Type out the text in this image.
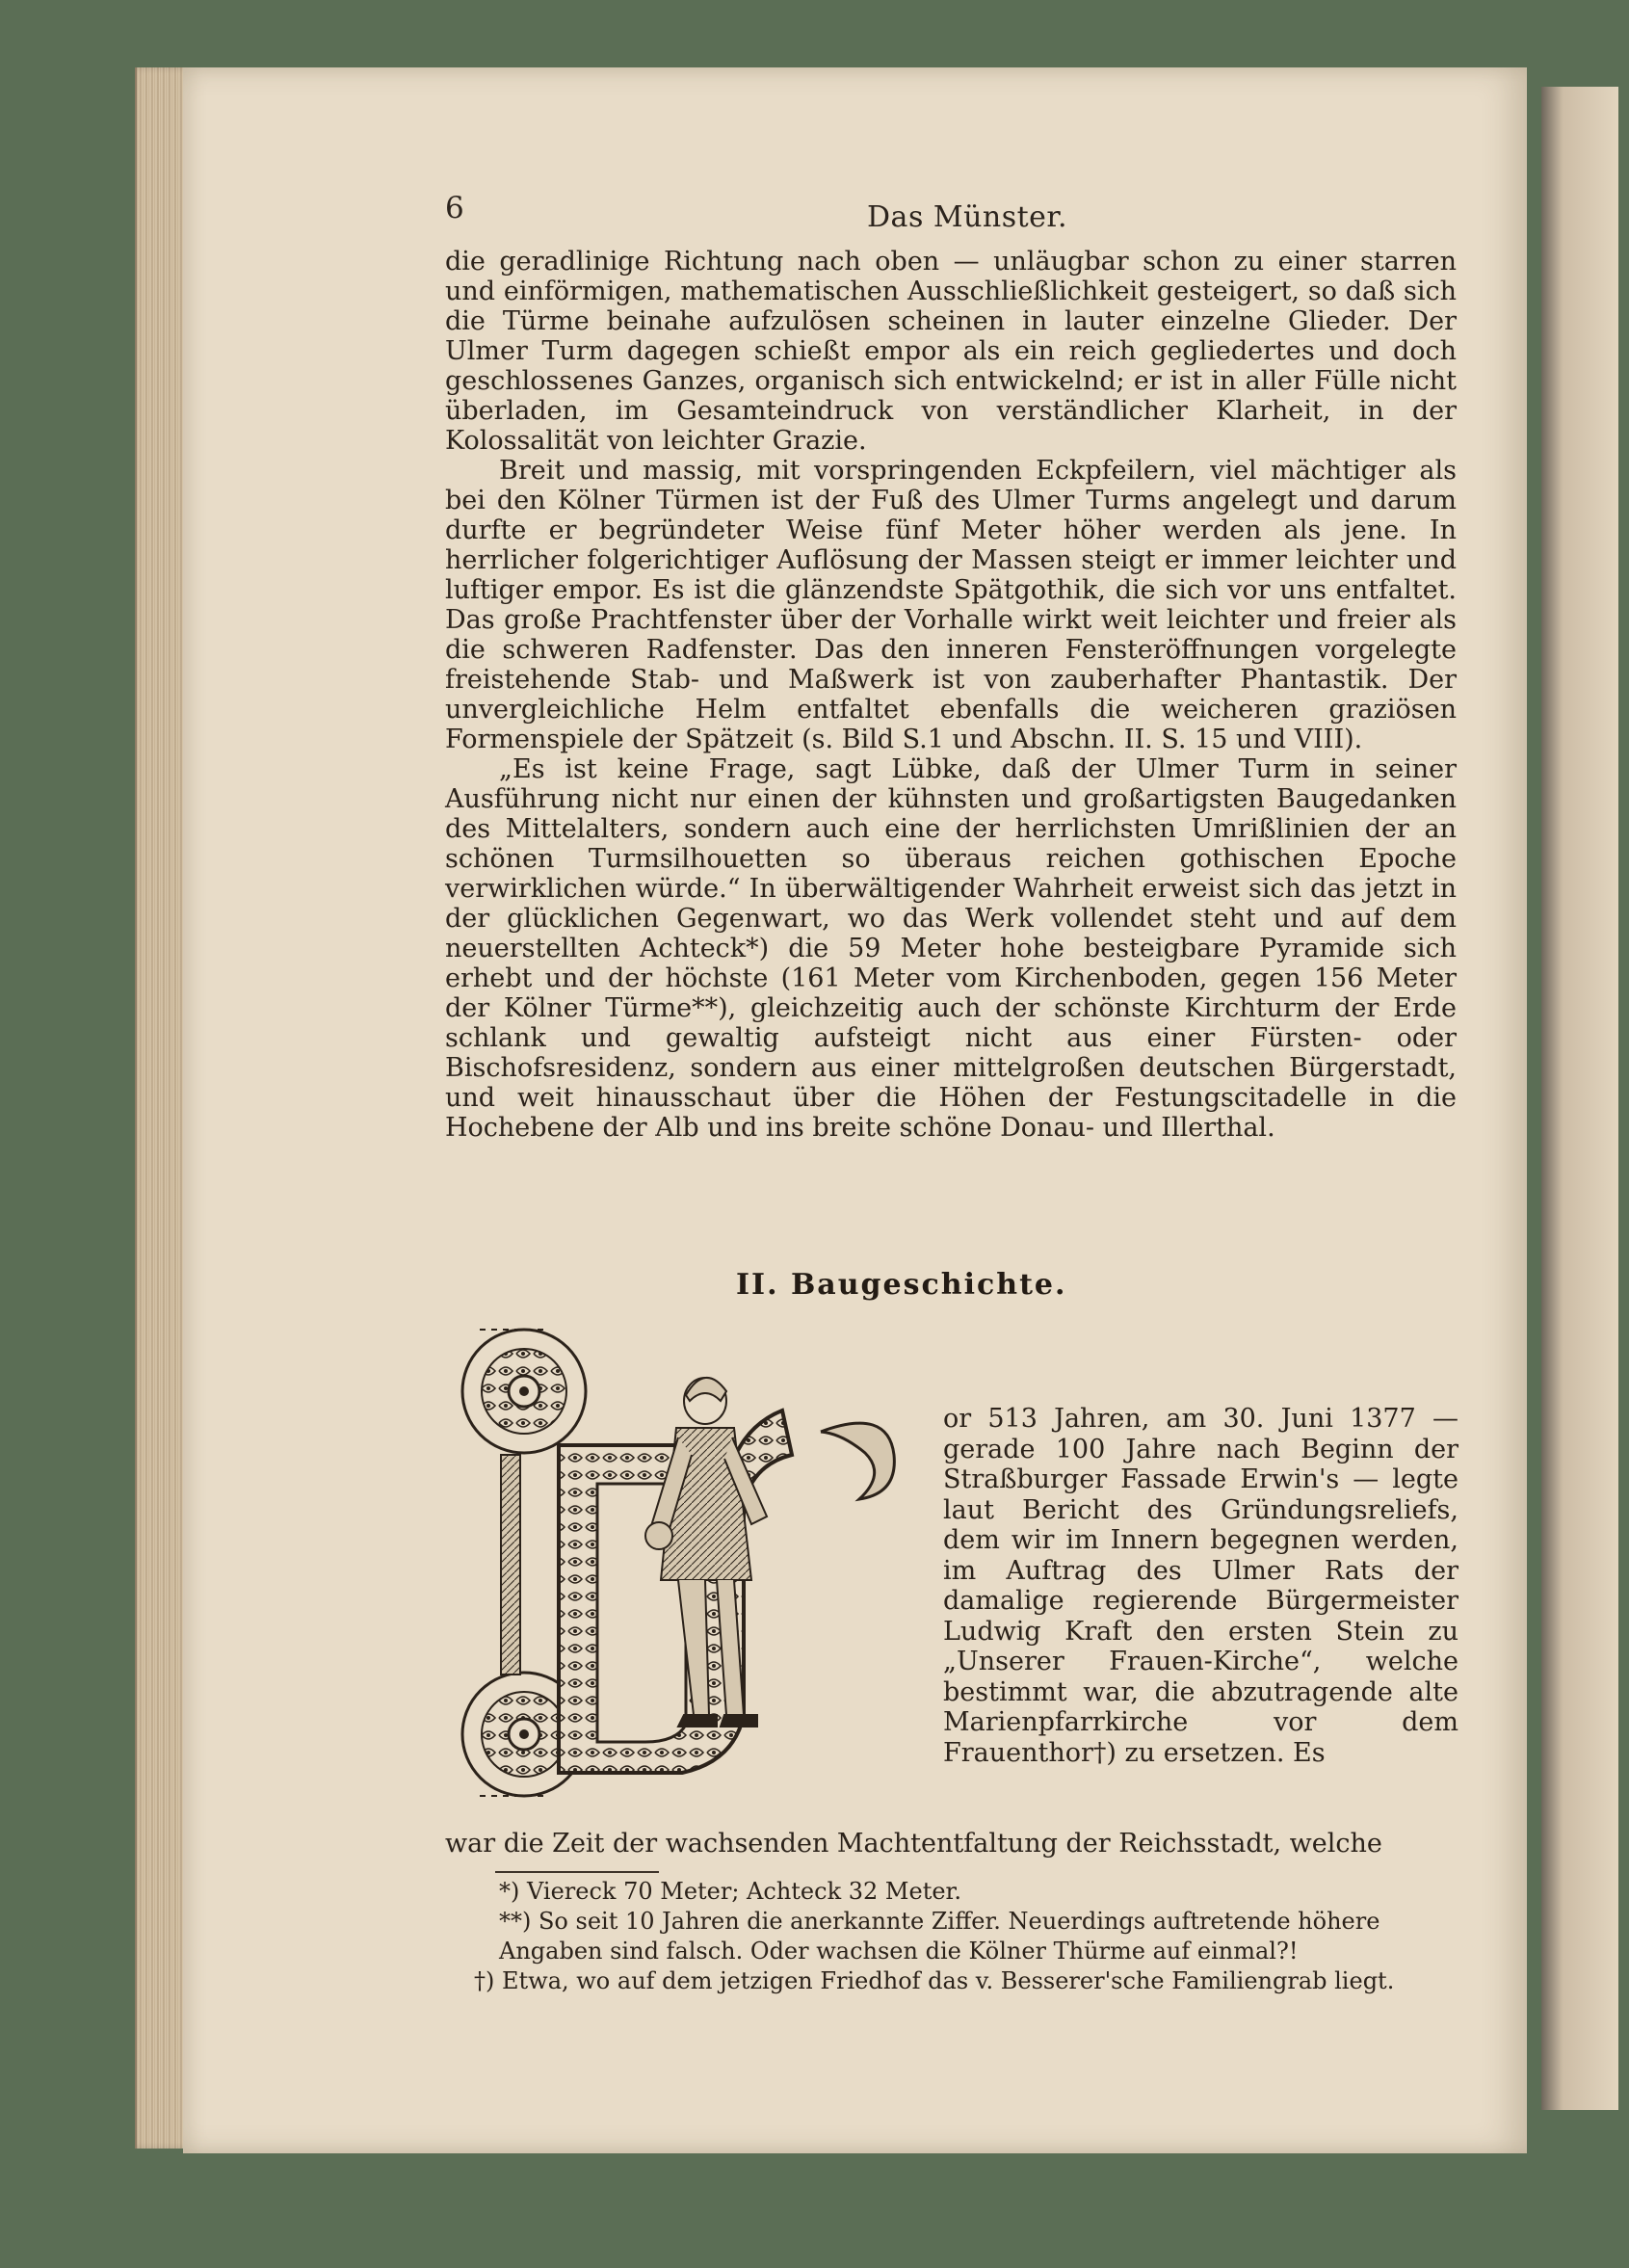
6	Das Münster.

die geradlinige Richtung nach oben — unläugbar schon zu einer starren und einförmigen, mathematischen Ausschließlichkeit gesteigert, so daß sich die Türme beinahe aufzulösen scheinen in lauter einzelne Glieder. Der Ulmer Turm dagegen schießt empor als ein reich gegliedertes und doch geschlossenes Ganzes, organisch sich entwickelnd; er ist in aller Fülle nicht überladen, im Gesamteindruck von verständlicher Klarheit, in der Kolossalität von leichter Grazie.

Breit und massig, mit vorspringenden Eckpfeilern, viel mächtiger als bei den Kölner Türmen ist der Fuß des Ulmer Turms angelegt und darum durfte er begründeter Weise fünf Meter höher werden als jene. In herrlicher folgerichtiger Auflösung der Massen steigt er immer leichter und luftiger empor. Es ist die glänzendste Spätgothik, die sich vor uns entfaltet. Das große Prachtfenster über der Vorhalle wirkt weit leichter und freier als die schweren Radfenster. Das den inneren Fensteröffnungen vorgelegte freistehende Stab- und Maßwerk ist von zauberhafter Phantastik. Der unvergleichliche Helm entfaltet ebenfalls die weicheren graziösen Formenspiele der Spätzeit (s. Bild S.1 und Abschn. II. S. 15 und VIII).

„Es ist keine Frage, sagt Lübke, daß der Ulmer Turm in seiner Ausführung nicht nur einen der kühnsten und großartigsten Baugedanken des Mittelalters, sondern auch eine der herrlichsten Umrißlinien der an schönen Turmsilhouetten so überaus reichen gothischen Epoche verwirklichen würde.“ In überwältigender Wahrheit erweist sich das jetzt in der glücklichen Gegenwart, wo das Werk vollendet steht und auf dem neuerstellten Achteck*) die 59 Meter hohe besteigbare Pyramide sich erhebt und der höchste (161 Meter vom Kirchenboden, gegen 156 Meter der Kölner Türme**), gleichzeitig auch der schönste Kirchturm der Erde schlank und gewaltig aufsteigt nicht aus einer Fürsten- oder Bischofsresidenz, sondern aus einer mittelgroßen deutschen Bürgerstadt, und weit hinausschaut über die Höhen der Festungscitadelle in die Hochebene der Alb und ins breite schöne Donau- und Illerthal.

II. Baugeschichte.
or 513 Jahren, am 30. Juni 1377 — gerade 100 Jahre nach Beginn der Straßburger Fassade Erwin's — legte laut Bericht des Gründungsreliefs, dem wir im Innern begegnen werden, im Auftrag des Ulmer Rats der damalige regierende Bürgermeister Ludwig Kraft den ersten Stein zu „Unserer Frauen-Kirche“, welche bestimmt war, die abzutragende alte Marienpfarrkirche vor dem Frauenthor†) zu ersetzen. Es
war die Zeit der wachsenden Machtentfaltung der Reichsstadt, welche
*) Viereck 70 Meter; Achteck 32 Meter.
**) So seit 10 Jahren die anerkannte Ziffer. Neuerdings auftretende höhere Angaben sind falsch. Oder wachsen die Kölner Thürme auf einmal?!
†) Etwa, wo auf dem jetzigen Friedhof das v. Besserer'sche Familiengrab liegt.
